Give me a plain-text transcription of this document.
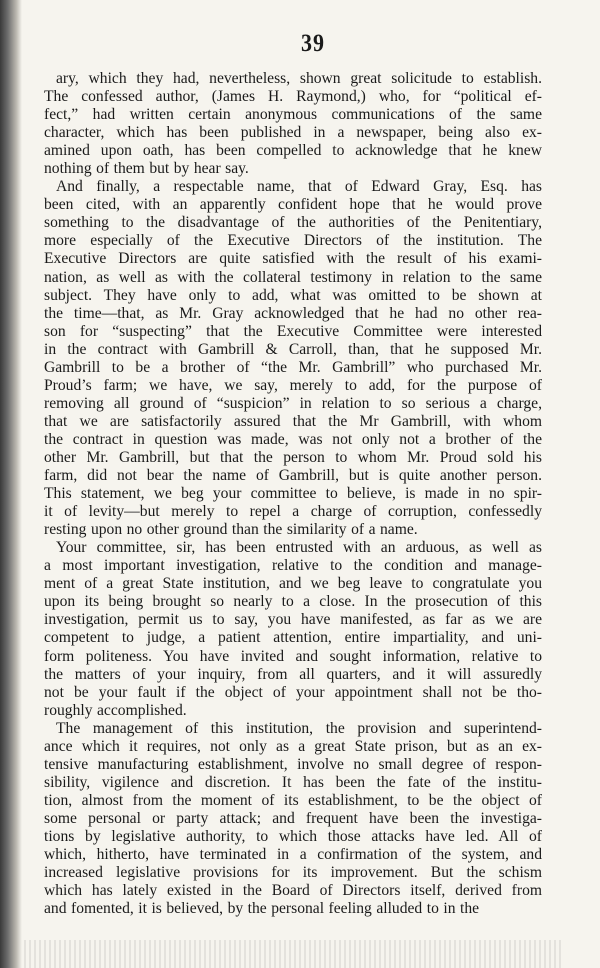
39
ary, which they had, nevertheless, shown great solicitude to establish.
The confessed author, (James H. Raymond,) who, for “political ef-
fect,” had written certain anonymous communications of the same
character, which has been published in a newspaper, being also ex-
amined upon oath, has been compelled to acknowledge that he knew
nothing of them but by hear say.
And finally, a respectable name, that of Edward Gray, Esq. has
been cited, with an apparently confident hope that he would prove
something to the disadvantage of the authorities of the Penitentiary,
more especially of the Executive Directors of the institution. The
Executive Directors are quite satisfied with the result of his exami-
nation, as well as with the collateral testimony in relation to the same
subject. They have only to add, what was omitted to be shown at
the time—that, as Mr. Gray acknowledged that he had no other rea-
son for “suspecting” that the Executive Committee were interested
in the contract with Gambrill & Carroll, than, that he supposed Mr.
Gambrill to be a brother of “the Mr. Gambrill” who purchased Mr.
Proud’s farm; we have, we say, merely to add, for the purpose of
removing all ground of “suspicion” in relation to so serious a charge,
that we are satisfactorily assured that the Mr Gambrill, with whom
the contract in question was made, was not only not a brother of the
other Mr. Gambrill, but that the person to whom Mr. Proud sold his
farm, did not bear the name of Gambrill, but is quite another person.
This statement, we beg your committee to believe, is made in no spir-
it of levity—but merely to repel a charge of corruption, confessedly
resting upon no other ground than the similarity of a name.
Your committee, sir, has been entrusted with an arduous, as well as
a most important investigation, relative to the condition and manage-
ment of a great State institution, and we beg leave to congratulate you
upon its being brought so nearly to a close. In the prosecution of this
investigation, permit us to say, you have manifested, as far as we are
competent to judge, a patient attention, entire impartiality, and uni-
form politeness. You have invited and sought information, relative to
the matters of your inquiry, from all quarters, and it will assuredly
not be your fault if the object of your appointment shall not be tho-
roughly accomplished.
The management of this institution, the provision and superintend-
ance which it requires, not only as a great State prison, but as an ex-
tensive manufacturing establishment, involve no small degree of respon-
sibility, vigilence and discretion. It has been the fate of the institu-
tion, almost from the moment of its establishment, to be the object of
some personal or party attack; and frequent have been the investiga-
tions by legislative authority, to which those attacks have led. All of
which, hitherto, have terminated in a confirmation of the system, and
increased legislative provisions for its improvement. But the schism
which has lately existed in the Board of Directors itself, derived from
and fomented, it is believed, by the personal feeling alluded to in the
